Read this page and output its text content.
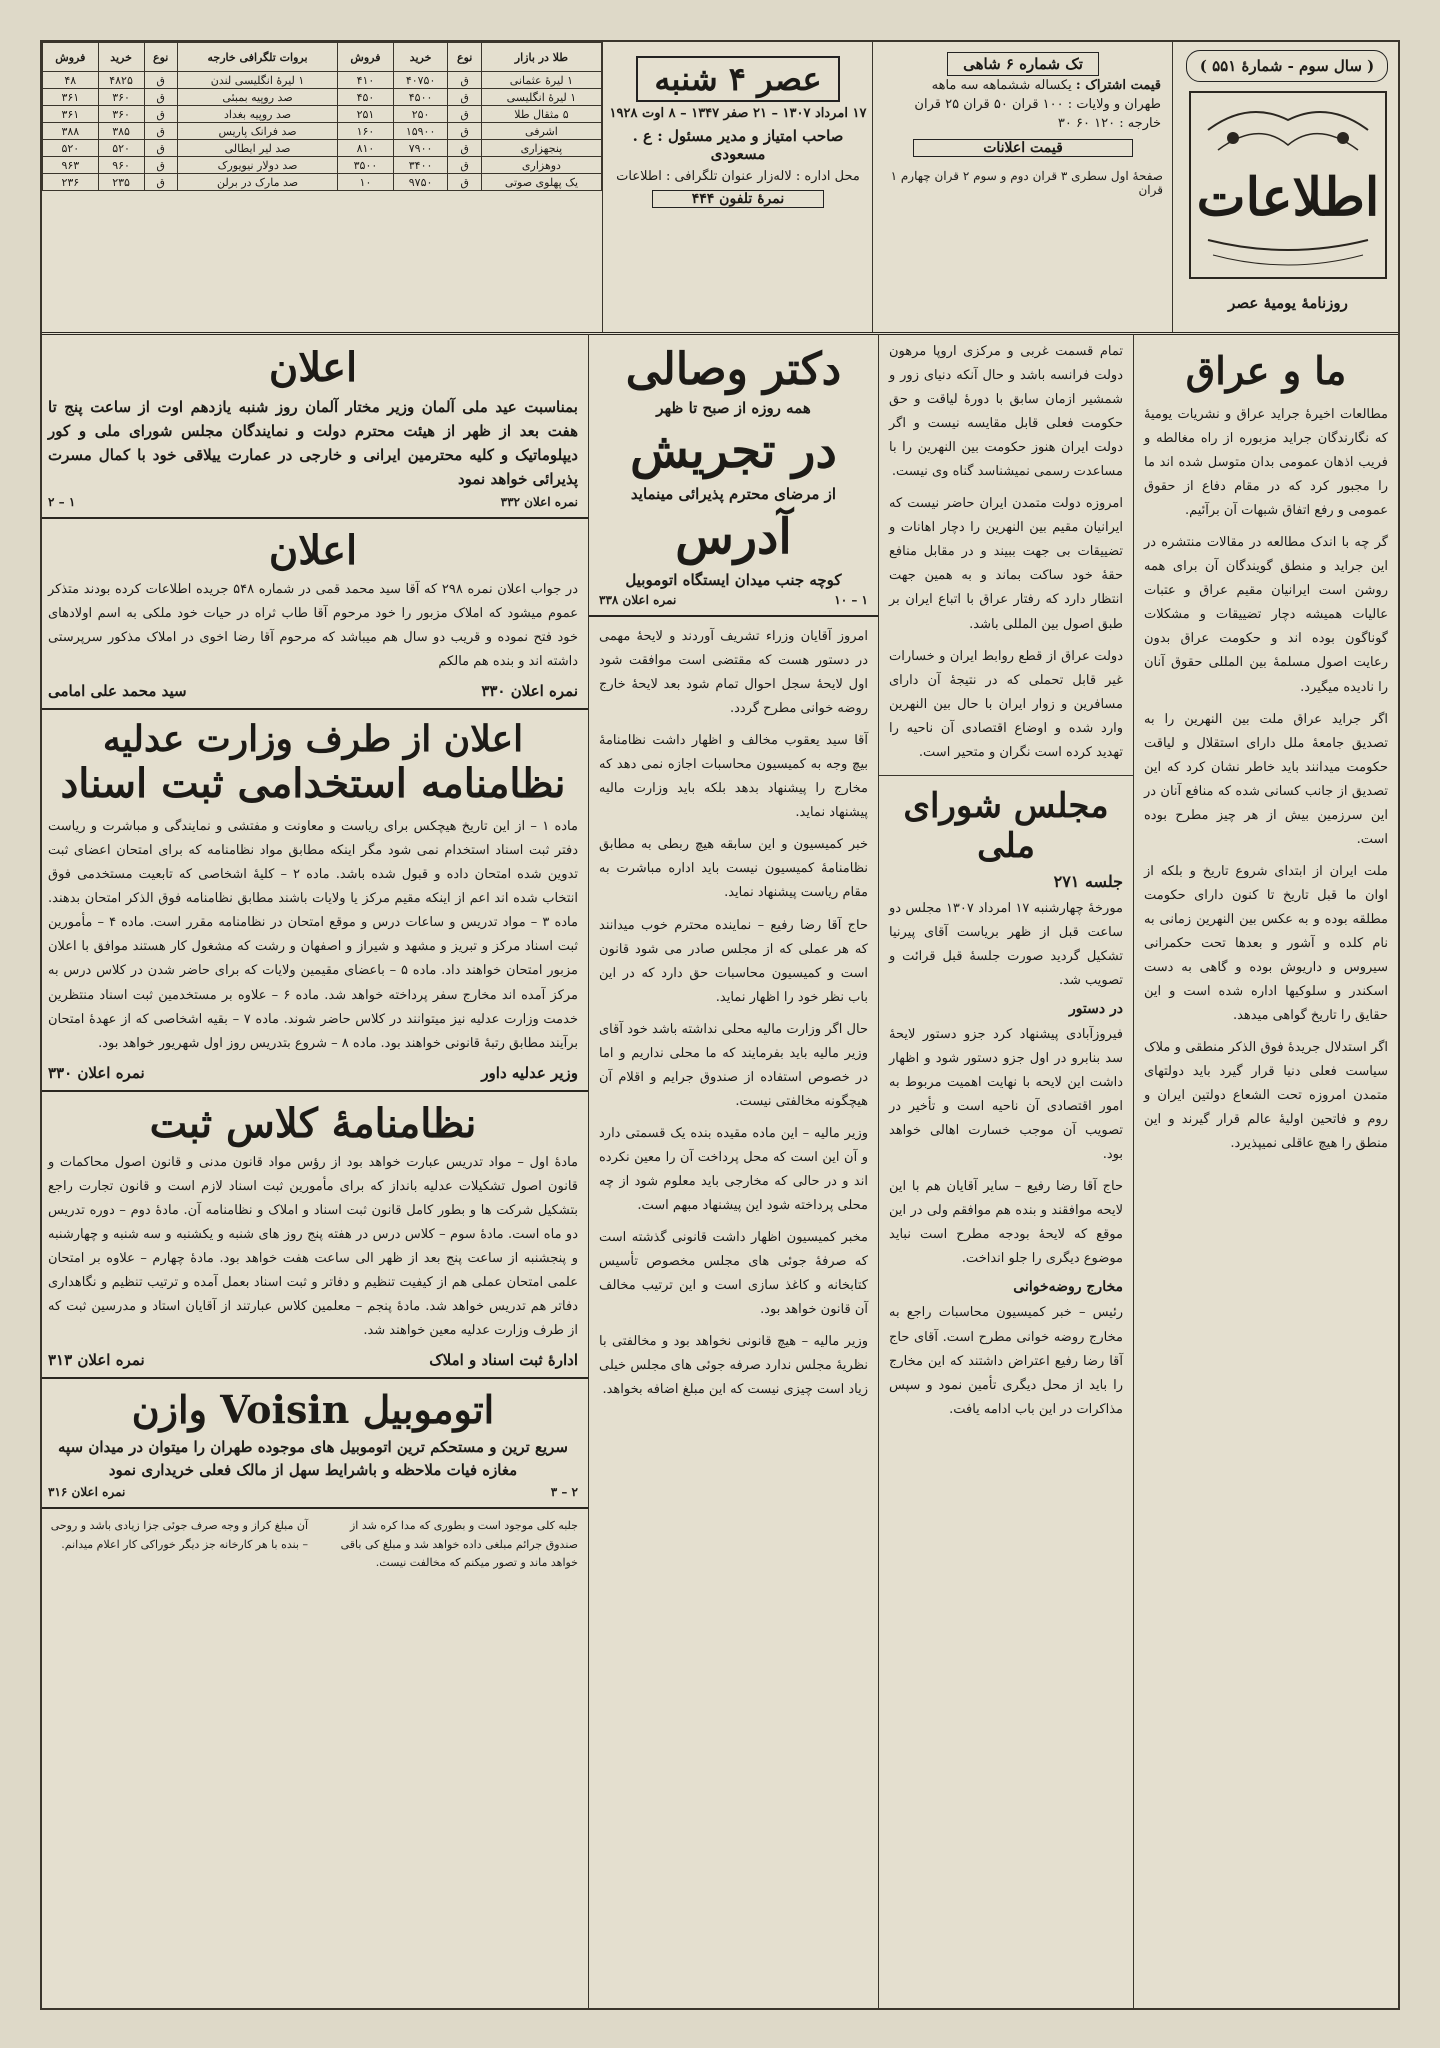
( سال سوم - شمارهٔ ۵۵۱ )
اطلاعات
روزنامهٔ یومیهٔ عصر
تک شماره ۶ شاهی
قیمت اشتراک : یکساله ششماهه سه ماهه
طهران و ولایات : ۱۰۰ قران ۵۰ قران ۲۵ قران
خارجه : ۱۲۰ ۶۰ ۳۰
قیمت اعلانات
صفحهٔ اول سطری ۳ قران دوم و سوم ۲ قران چهارم ۱ قران
عصر ۴ شنبه
۱۷ امرداد ۱۳۰۷ – ۲۱ صفر ۱۳۴۷ – ۸ اوت ۱۹۲۸
صاحب امتیاز و مدیر مسئول : ع . مسعودی
محل اداره : لاله‌زار عنوان تلگرافی : اطلاعات
نمرهٔ تلفون ۴۴۴
طلا در بازار	نوع	خرید	فروش	بروات تلگرافی خارجه	نوع	خرید	فروش
۱ لیرهٔ عثمانی	ق	۴۰۷۵۰	۴۱۰	۱ لیرهٔ انگلیسی لندن	ق	۴۸۲۵	۴۸
۱ لیرهٔ انگلیسی	ق	۴۵۰۰	۴۵۰	صد روپیه بمبئی	ق	۳۶۰	۳۶۱
۵ مثقال طلا	ق	۲۵۰	۲۵۱	صد روپیه بغداد	ق	۳۶۰	۳۶۱
اشرفی	ق	۱۵۹۰۰	۱۶۰	صد فرانک پاریس	ق	۳۸۵	۳۸۸
پنجهزاری	ق	۷۹۰۰	۸۱۰	صد لیر ایطالی	ق	۵۲۰	۵۲۰
دوهزاری	ق	۳۴۰۰	۳۵۰۰	صد دولار نیویورک	ق	۹۶۰	۹۶۳
یک پهلوی صوتی	ق	۹۷۵۰	۱۰	صد مارک در برلن	ق	۲۳۵	۲۳۶
ما و عراق

مطالعات اخیرهٔ جراید عراق و نشریات یومیهٔ که نگارندگان جراید مزبوره از راه مغالطه و فریب اذهان عمومی بدان متوسل شده اند ما را مجبور کرد که در مقام دفاع از حقوق عمومی و رفع اتفاق شبهات آن برآئیم.

گر چه با اندک مطالعه در مقالات منتشره در این جراید و منطق گویندگان آن برای همه روشن است ایرانیان مقیم عراق و عتبات عالیات همیشه دچار تضییقات و مشکلات گوناگون بوده اند و حکومت عراق بدون رعایت اصول مسلمهٔ بین المللی حقوق آنان را نادیده میگیرد.

اگر جراید عراق ملت بین النهرین را به تصدیق جامعهٔ ملل دارای استقلال و لیاقت حکومت میدانند باید خاطر نشان کرد که این تصدیق از جانب کسانی شده که منافع آنان در این سرزمین بیش از هر چیز مطرح بوده است.

ملت ایران از ابتدای شروع تاریخ و بلکه از اوان ما قبل تاریخ تا کنون دارای حکومت مطلقه بوده و به عکس بین النهرین زمانی به نام کلده و آشور و بعدها تحت حکمرانی سیروس و داریوش بوده و گاهی به دست اسکندر و سلوکیها اداره شده است و این حقایق را تاریخ گواهی میدهد.

اگر استدلال جریدهٔ فوق الذکر منطقی و ملاک سیاست فعلی دنیا قرار گیرد باید دولتهای متمدن امروزه تحت الشعاع دولتین ایران و روم و فاتحین اولیهٔ عالم قرار گیرند و این منطق را هیچ عاقلی نمیپذیرد.

تمام قسمت غربی و مرکزی اروپا مرهون دولت فرانسه باشد و حال آنکه دنیای زور و شمشیر ازمان سابق با دورهٔ لیاقت و حق حکومت فعلی قابل مقایسه نیست و اگر دولت ایران هنوز حکومت بین النهرین را با مساعدت رسمی نمیشناسد گناه وی نیست.

امروزه دولت متمدن ایران حاضر نیست که ایرانیان مقیم بین النهرین را دچار اهانات و تضییقات بی جهت ببیند و در مقابل منافع حقهٔ خود ساکت بماند و به همین جهت انتظار دارد که رفتار عراق با اتباع ایران بر طبق اصول بین المللی باشد.

دولت عراق از قطع روابط ایران و خسارات غیر قابل تحملی که در نتیجهٔ آن دارای مسافرین و زوار ایران با حال بین النهرین وارد شده و اوضاع اقتصادی آن ناحیه را تهدید کرده است نگران و متحیر است.

مجلس شورای ملی
جلسه ۲۷۱

مورخهٔ چهارشنبه ۱۷ امرداد ۱۳۰۷ مجلس دو ساعت قبل از ظهر بریاست آقای پیرنیا تشکیل گردید صورت جلسهٔ قبل قرائت و تصویب شد.

در دستور

فیروزآبادی پیشنهاد کرد جزو دستور لایحهٔ سد بنابرو در اول جزو دستور شود و اظهار داشت این لایحه با نهایت اهمیت مربوط به امور اقتصادی آن ناحیه است و تأخیر در تصویب آن موجب خسارت اهالی خواهد بود.

حاج آقا رضا رفیع – سایر آقایان هم با این لایحه موافقند و بنده هم موافقم ولی در این موقع که لایحهٔ بودجه مطرح است نباید موضوع دیگری را جلو انداخت.

مخارج روضه‌خوانی

رئیس – خبر کمیسیون محاسبات راجع به مخارج روضه خوانی مطرح است. آقای حاج آقا رضا رفیع اعتراض داشتند که این مخارج را باید از محل دیگری تأمین نمود و سپس مذاکرات در این باب ادامه یافت.

دکتر وصالی
همه روزه از صبح تا ظهر
در تجریش
از مرضای محترم پذیرائی مینماید
آدرس
کوچه جنب میدان ایستگاه اتوموبیل
۱ – ۱۰
نمره اعلان ۳۳۸

امروز آقایان وزراء تشریف آوردند و لایحهٔ مهمی در دستور هست که مقتضی است موافقت شود اول لایحهٔ سجل احوال تمام شود بعد لایحهٔ خارج روضه خوانی مطرح گردد.

آقا سید یعقوب مخالف و اظهار داشت نظامنامهٔ بیچ وجه به کمیسیون محاسبات اجازه نمی دهد که مخارج را پیشنهاد بدهد بلکه باید وزارت مالیه پیشنهاد نماید.

خبر کمیسیون و این سابقه هیچ ربطی به مطابق نظامنامهٔ کمیسیون نیست باید اداره مباشرت به مقام ریاست پیشنهاد نماید.

حاج آقا رضا رفیع – نماینده محترم خوب میدانند که هر عملی که از مجلس صادر می شود قانون است و کمیسیون محاسبات حق دارد که در این باب نظر خود را اظهار نماید.

حال اگر وزارت مالیه محلی نداشته باشد خود آقای وزیر مالیه باید بفرمایند که ما محلی نداریم و اما در خصوص استفاده از صندوق جرایم و اقلام آن هیچگونه مخالفتی نیست.

وزیر مالیه – این ماده مقیده بنده یک قسمتی دارد و آن این است که محل پرداخت آن را معین نکرده اند و در حالی که مخارجی باید معلوم شود از چه محلی پرداخته شود این پیشنهاد مبهم است.

مخبر کمیسیون اظهار داشت قانونی گذشته است که صرفهٔ جوئی های مجلس مخصوص تأسیس کتابخانه و کاغذ سازی است و این ترتیب مخالف آن قانون خواهد بود.

وزیر مالیه – هیچ قانونی نخواهد بود و مخالفتی با نظریهٔ مجلس ندارد صرفه جوئی های مجلس خیلی زیاد است چیزی نیست که این مبلغ اضافه بخواهد.

اعلان
بمناسبت عید ملی آلمان وزیر مختار آلمان روز شنبه یازدهم اوت از ساعت پنج تا هفت بعد از ظهر از هیئت محترم دولت و نمایندگان مجلس شورای ملی و کور دیپلوماتیک و کلیه محترمین ایرانی و خارجی در عمارت ییلاقی خود با کمال مسرت پذیرائی خواهد نمود
نمره اعلان ۳۳۲
۱ – ۲
اعلان

در جواب اعلان نمره ۲۹۸ که آقا سید محمد قمی در شماره ۵۴۸ جریده اطلاعات کرده بودند متذکر عموم میشود که املاک مزبور را خود مرحوم آقا طاب ثراه در حیات خود ملکی به اسم اولادهای خود فتح نموده و قریب دو سال هم میباشد که مرحوم آقا رضا اخوی در املاک مذکور سرپرستی داشته اند و بنده هم مالکم

نمره اعلان ۳۳۰
سید محمد علی امامی
اعلان از طرف وزارت عدلیه
نظامنامه استخدامی ثبت اسناد

ماده ۱ – از این تاریخ هیچکس برای ریاست و معاونت و مفتشی و نمایندگی و مباشرت و ریاست دفتر ثبت اسناد استخدام نمی شود مگر اینکه مطابق مواد نظامنامه که برای امتحان اعضای ثبت تدوین شده امتحان داده و قبول شده باشد. ماده ۲ – کلیهٔ اشخاصی که تابعیت مستخدمی فوق انتخاب شده اند اعم از اینکه مقیم مرکز یا ولایات باشند مطابق نظامنامه فوق الذکر امتحان بدهند. ماده ۳ – مواد تدریس و ساعات درس و موقع امتحان در نظامنامه مقرر است. ماده ۴ – مأمورین ثبت اسناد مرکز و تبریز و مشهد و شیراز و اصفهان و رشت که مشغول کار هستند موافق با اعلان مزبور امتحان خواهند داد. ماده ۵ – باعضای مقیمین ولایات که برای حاضر شدن در کلاس درس به مرکز آمده اند مخارج سفر پرداخته خواهد شد. ماده ۶ – علاوه بر مستخدمین ثبت اسناد منتظرین خدمت وزارت عدلیه نیز میتوانند در کلاس حاضر شوند. ماده ۷ – بقیه اشخاصی که از عهدهٔ امتحان برآیند مطابق رتبهٔ قانونی خواهند بود. ماده ۸ – شروع بتدریس روز اول شهریور خواهد بود.

وزیر عدلیه داور
نمره اعلان ۳۳۰
نظامنامهٔ کلاس ثبت

مادهٔ اول – مواد تدریس عبارت خواهد بود از رؤس مواد قانون مدنی و قانون اصول محاکمات و قانون اصول تشکیلات عدلیه بانداز که برای مأمورین ثبت اسناد لازم است و قانون تجارت راجع بتشکیل شرکت ها و بطور کامل قانون ثبت اسناد و املاک و نظامنامه آن. مادهٔ دوم – دوره تدریس دو ماه است. مادهٔ سوم – کلاس درس در هفته پنج روز های شنبه و یکشنبه و سه شنبه و چهارشنبه و پنجشنبه از ساعت پنج بعد از ظهر الی ساعت هفت خواهد بود. مادهٔ چهارم – علاوه بر امتحان علمی امتحان عملی هم از کیفیت تنظیم و دفاتر و ثبت اسناد بعمل آمده و ترتیب تنظیم و نگاهداری دفاتر هم تدریس خواهد شد. مادهٔ پنجم – معلمین کلاس عبارتند از آقایان استاد و مدرسین ثبت که از طرف وزارت عدلیه معین خواهند شد.

ادارهٔ ثبت اسناد و املاک
نمره اعلان ۳۱۳
اتوموبیل Voisin وازن
سریع ترین و مستحکم ترین اتوموبیل های موجوده طهران را میتوان در میدان سپه مغازه فیات ملاحظه و باشرایط سهل از مالک فعلی خریداری نمود
۲ – ۳
نمره اعلان ۳۱۶
جلبه کلی موجود است و بطوری که مدا کره شد از صندوق جرائم مبلغی داده خواهد شد و مبلغ کی باقی خواهد ماند و تصور میکنم که مخالفت نیست.
آن مبلغ کراز و وجه صرف جوئی جزا زیادی باشد و روحی – بنده با هر کارخانه جز دیگر خوراکی کار اعلام میدانم.
